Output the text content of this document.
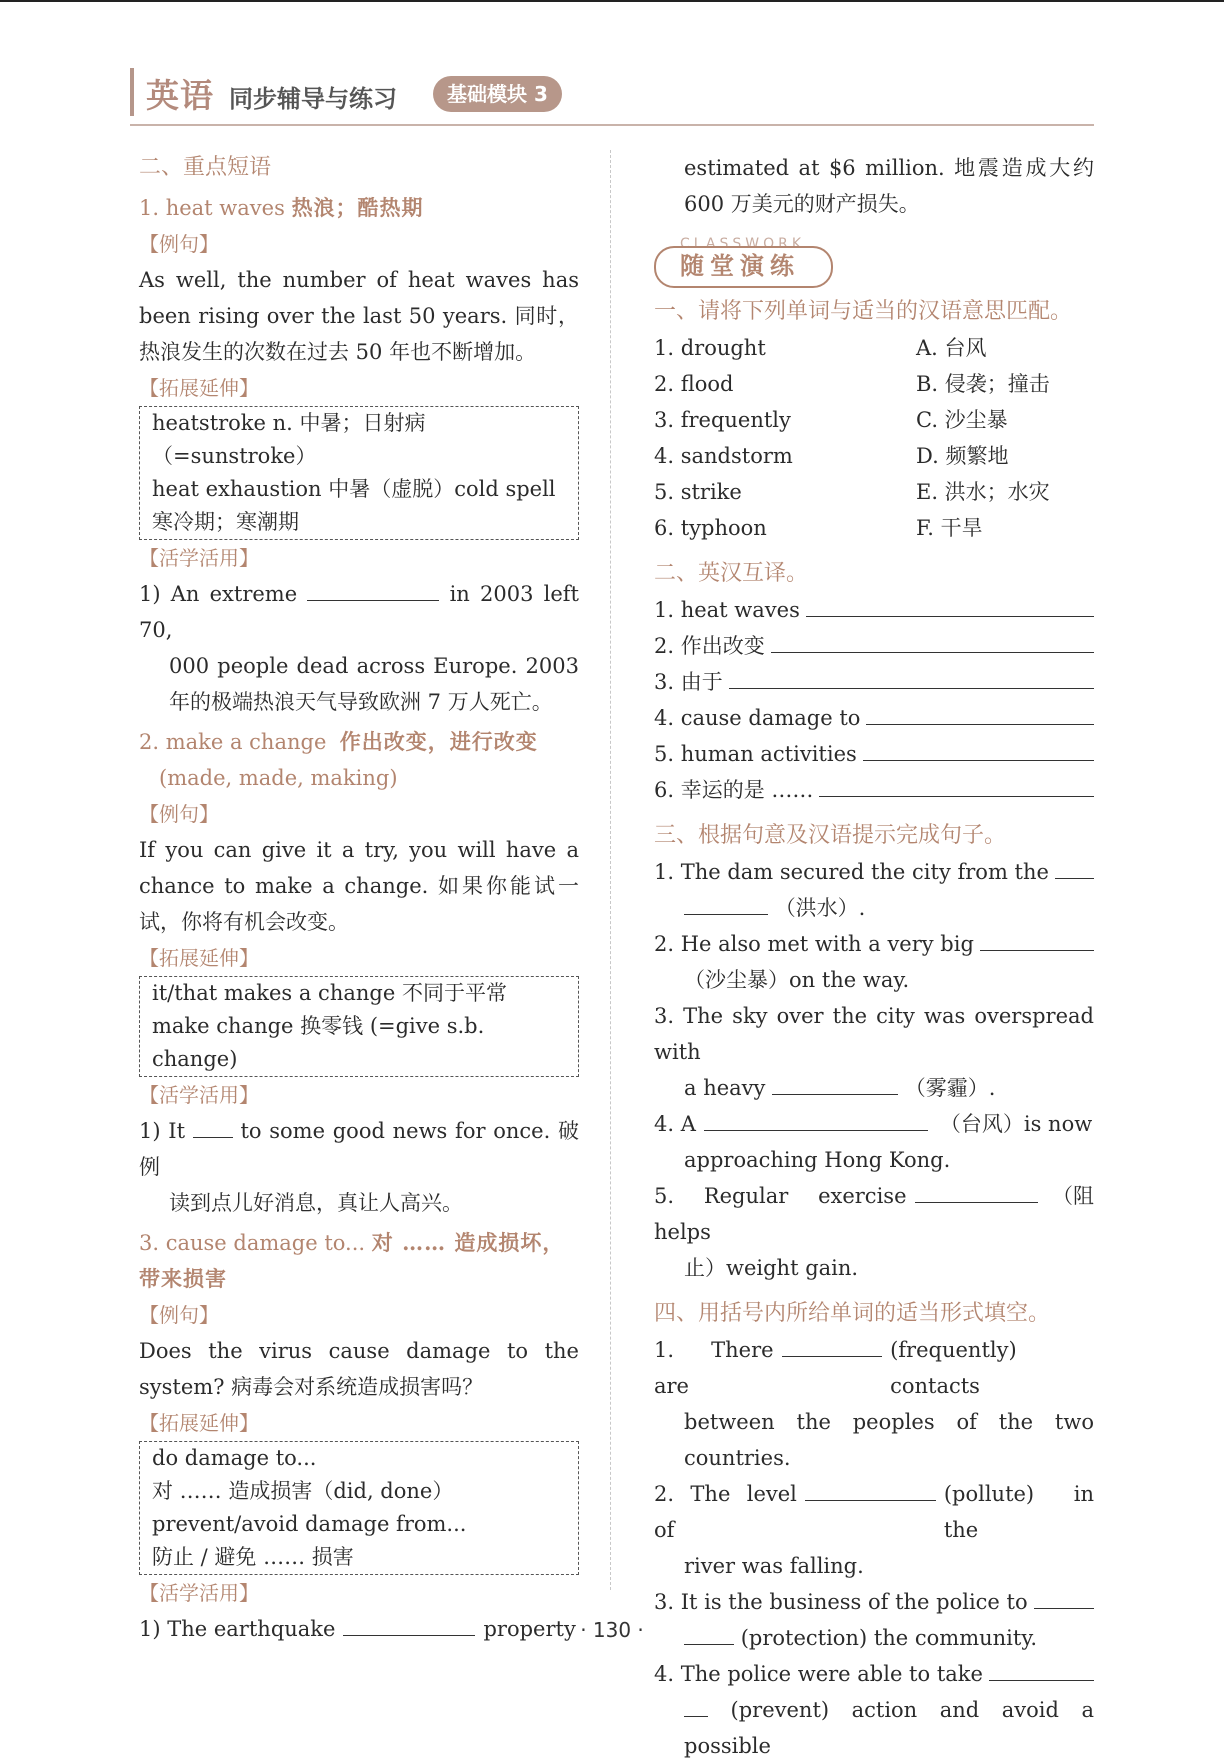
英语 同步辅导与练习	基础模块 3

二、重点短语

1. heat waves 热浪；酷热期

【例句】

As well, the number of heat waves has been rising over the last 50 years. 同时，热浪发生的次数在过去 50 年也不断增加。

【拓展延伸】

heatstroke n. 中暑；日射病（=sunstroke）
heat exhaustion 中暑（虚脱）cold spell
寒冷期；寒潮期

【活学活用】

1) An extreme	in 2003 left 70,

000 people dead across Europe. 2003 年的极端热浪天气导致欧洲 7 万人死亡。

2. make a change 作出改变，进行改变

(made, made, making)

【例句】

If you can give it a try, you will have a chance to make a change. 如果你能试一试，你将有机会改变。

【拓展延伸】

it/that makes a change 不同于平常
make change 换零钱 (=give s.b. change)

【活学活用】

1) It	to some good news for once. 破例

读到点儿好消息，真让人高兴。

3. cause damage to... 对 …… 造成损坏，带来损害

【例句】

Does the virus cause damage to the system? 病毒会对系统造成损害吗？

【拓展延伸】

do damage to...
对 …… 造成损害（did, done）
prevent/avoid damage from...
防止 / 避免 …… 损害

【活学活用】

1) The earthquake	property

estimated at $6 million. 地震造成大约 600 万美元的财产损失。

CLASSWORK
随堂演练

一、请将下列单词与适当的汉语意思匹配。

1. drought	A. 台风
2. flood	B. 侵袭；撞击
3. frequently	C. 沙尘暴
4. sandstorm	D. 频繁地
5. strike	E. 洪水；水灾
6. typhoon	F. 干旱

二、英汉互译。

1. heat waves

2. 作出改变

3. 由于

4. cause damage to

5. human activities

6. 幸运的是 ……

三、根据句意及汉语提示完成句子。

1. The dam secured the city from the

（洪水）.

2. He also met with a very big

（沙尘暴）on the way.

3. The sky over the city was overspread with

a heavy	（雾霾）.

4. A	（台风）is now

approaching Hong Kong.

5. Regular exercise helps
（阻

止）weight gain.

四、用括号内所给单词的适当形式填空。

1. There are
(frequently) contacts

between the peoples of the two countries.

2. The level of
(pollute) in the

river was falling.

3. It is the business of the police to

(protection) the community.

4. The police were able to take

(prevent) action and avoid a possible

· 130 ·
